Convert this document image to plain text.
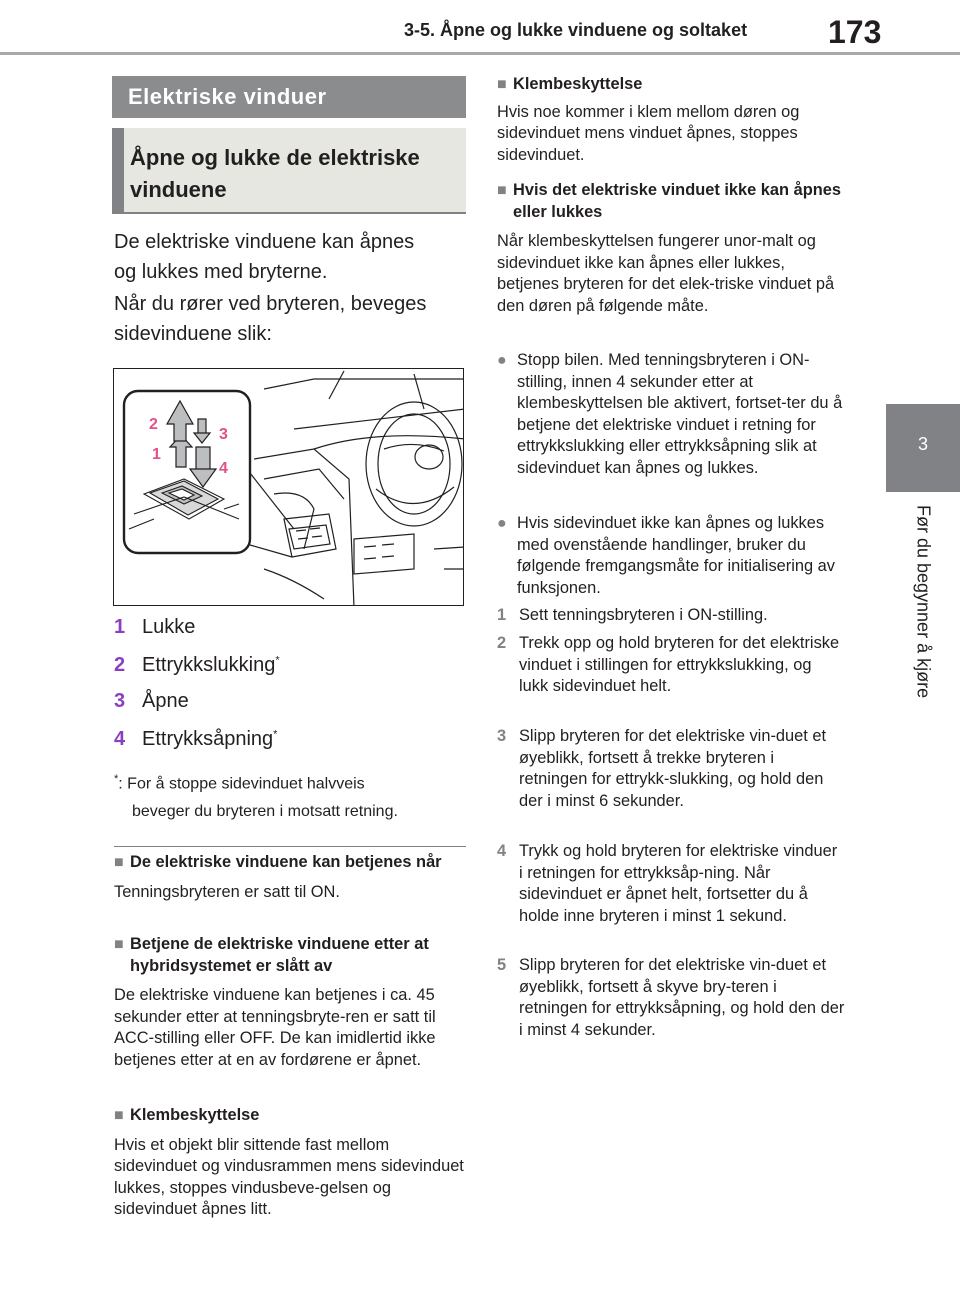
3-5. Åpne og lukke vinduene og soltaket	173
3
Før du begynner å kjøre
Elektriske vinduer
Åpne og lukke de elektriske
vinduene
De elektriske vinduene kan åpnes
og lukkes med bryterne.
Når du rører ved bryteren, beveges
sidevinduene slik:
1
2
3
4
1 Lukke
2 Ettrykkslukking*
3 Åpne
4 Ettrykksåpning*
*: For å stoppe sidevinduet halvveis
beveger du bryteren i motsatt retning.
■ De elektriske vinduene kan betjenes når
Tenningsbryteren er satt til ON.
■ Betjene de elektriske vinduene etter at hybridsystemet er slått av
De elektriske vinduene kan betjenes i ca. 45 sekunder etter at tenningsbryte-ren er satt til ACC-stilling eller OFF. De kan imidlertid ikke betjenes etter at en av fordørene er åpnet.
■ Klembeskyttelse
Hvis et objekt blir sittende fast mellom sidevinduet og vindusrammen mens sidevinduet lukkes, stoppes vindusbeve-gelsen og sidevinduet åpnes litt.
■ Klembeskyttelse
Hvis noe kommer i klem mellom døren og sidevinduet mens vinduet åpnes, stoppes sidevinduet.
■ Hvis det elektriske vinduet ikke kan åpnes eller lukkes
Når klembeskyttelsen fungerer unor-malt og sidevinduet ikke kan åpnes eller lukkes, betjenes bryteren for det elek-triske vinduet på den døren på følgende måte.
● Stopp bilen. Med tenningsbryteren i ON-stilling, innen 4 sekunder etter at klembeskyttelsen ble aktivert, fortset-ter du å betjene det elektriske vinduet i retning for ettrykkslukking eller ettrykksåpning slik at sidevinduet kan åpnes og lukkes.
● Hvis sidevinduet ikke kan åpnes og lukkes med ovenstående handlinger, bruker du følgende fremgangsmåte for initialisering av funksjonen.
1 Sett tenningsbryteren i ON-stilling.
2 Trekk opp og hold bryteren for det elektriske vinduet i stillingen for ettrykkslukking, og lukk sidevinduet helt.
3 Slipp bryteren for det elektriske vin-duet et øyeblikk, fortsett å trekke bryteren i retningen for ettrykk-slukking, og hold den der i minst 6 sekunder.
4 Trykk og hold bryteren for elektriske vinduer i retningen for ettrykksåp-ning. Når sidevinduet er åpnet helt, fortsetter du å holde inne bryteren i minst 1 sekund.
5 Slipp bryteren for det elektriske vin-duet et øyeblikk, fortsett å skyve bry-teren i retningen for ettrykksåpning, og hold den der i minst 4 sekunder.
